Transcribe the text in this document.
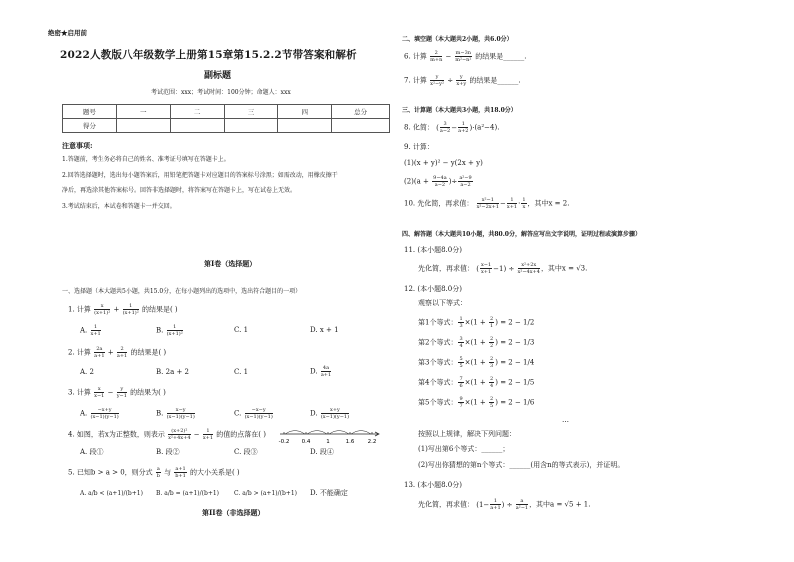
绝密★启用前
2022人教版八年级数学上册第15章第15.2.2节带答案和解析
副标题
考试范围：xxx；考试时间：100分钟；命题人：xxx
题号	一	二	三	四	总分
得分					
注意事项:
1.答题前，考生务必将自己的姓名、准考证号填写在答题卡上。
2.回答选择题时，选出每小题答案后，用铅笔把答题卡对应题目的答案标号涂黑；如需改动，用橡皮擦干
净后，再选涂其他答案标号。回答非选择题时，将答案写在答题卡上，写在试卷上无效。
3.考试结束后，本试卷和答题卡一并交回。
第I卷（选择题）
一、选择题（本大题共5小题，共15.0分，在每小题列出的选项中，选出符合题目的一项）
1. 计算 $\frac{x}{\text{(x+1)²}} + \frac{1}{\text{(x+1)²}}$ 的结果是( )
A. $\frac{1}{x+1}$	B. $\frac{1}{\text{(x+1)²}}$	C. 1	D. x + 1
2. 计算 $\frac{2a}{a+1} + \frac{2}{a+1}$ 的结果是( )
A. 2	B. 2a + 2	C. 1	D. $\frac{4a}{a+1}$
3. 计算 $\frac{x}{x-1} - \frac{y}{y-1}$ 的结果为( )
A. $\frac{-x+y}{(x-1)(y-1)}$	B. $\frac{x-y}{(x-1)(y-1)}$	C. $\frac{-x-y}{(x-1)(y-1)}$	D. $\frac{x+y}{(x-1)(y-1)}$
4. 如图，若x为正整数，则表示 $\frac{\text{(x+2)²}}{\text{x²+4x+4}} - \frac{1}{x+1}$ 的值的点落在( )
-0.2 0.4	1	1.6 2.2
A. 段①	B. 段②	C. 段③	D. 段④
5. 已知b > a > 0，则分式 $\frac{a}{b}$ 与 $\frac{a+1}{b+1}$ 的大小关系是( )
A. a/b < (a+1)/(b+1) B. a/b = (a+1)/(b+1) C. a/b > (a+1)/(b+1) D. 不能确定
第II卷（非选择题）
二、填空题（本大题共2小题，共6.0分）
6. 计算 $\frac{2}{m+n} - \frac{m-3n}{\text{m²−n²}}$ 的结果是______.
7. 计算 $\frac{y}{\text{x²−y²}} \div \frac{y}{x+y}$ 的结果是______.
三、计算题（本大题共3小题，共18.0分）
8. 化简： ( $\frac{3}{a-2} - \frac{1}{a+2} )\cdot(a^2-4)$.
9. 计算：
(1)(x + y)² − y(2x + y)
$(2)(a + \frac{9-4a}{a-2}$ )÷ $\frac{\text{a²−9}}{a-2}$
10. 先化简，再求值： $\frac{\text{x²−1}}{\text{x²−2x+1}} - \frac{1}{x+1} \cdot \frac{1}{x}$ ，其中x = 2.
四、解答题（本大题共10小题，共80.0分，解答应写出文字说明，证明过程或演算步骤）
11. (本小题8.0分)
先化简，再求值： ( $\frac{x-1}{x+1} -1) \div \frac{\text{x²+2x}}{\text{x²−4x+4}}$ ，其中x = √3.
12. (本小题8.0分)
观察以下等式：
第1个等式： $\frac{1}{3} \times(1 + \frac{2}{1}$ ) = 2 − 1/2
第2个等式： $\frac{3}{4} \times(1 + \frac{2}{2}$ ) = 2 − 1/3
第3个等式： $\frac{5}{5} \times(1 + \frac{2}{3}$ ) = 2 − 1/4
第4个等式： $\frac{7}{6} \times(1 + \frac{2}{4}$ ) = 2 − 1/5
第5个等式： $\frac{9}{7} \times(1 + \frac{2}{5}$ ) = 2 − 1/6
…
按照以上规律，解决下列问题：
(1)写出第6个等式：______；
(2)写出你猜想的第n个等式：______(用含n的等式表示)，并证明。
13. (本小题8.0分)
先化简，再求值： ($1- \frac{1}{a+1}$ ) ÷ $\frac{a}{\text{a²−1}}$ ，其中a = √5 + 1.
